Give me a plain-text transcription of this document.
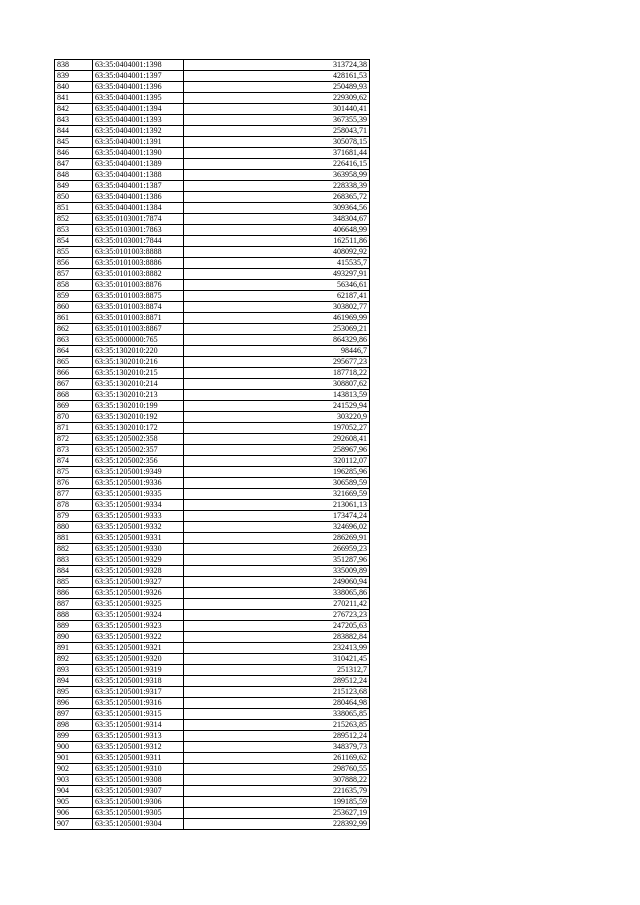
838	63:35:0404001:1398	313724,38
839	63:35:0404001:1397	428161,53
840	63:35:0404001:1396	250489,93
841	63:35:0404001:1395	229309,62
842	63:35:0404001:1394	301440,41
843	63:35:0404001:1393	367355,39
844	63:35:0404001:1392	258043,71
845	63:35:0404001:1391	305078,15
846	63:35:0404001:1390	371681,44
847	63:35:0404001:1389	226416,15
848	63:35:0404001:1388	363958,99
849	63:35:0404001:1387	228338,39
850	63:35:0404001:1386	268365,72
851	63:35:0404001:1384	309364,56
852	63:35:0103001:7874	348304,67
853	63:35:0103001:7863	406648,99
854	63:35:0103001:7844	162511,86
855	63:35:0101003:8888	408092,92
856	63:35:0101003:8886	415535,7
857	63:35:0101003:8882	493297,91
858	63:35:0101003:8876	56346,61
859	63:35:0101003:8875	62187,41
860	63:35:0101003:8874	303802,77
861	63:35:0101003:8871	461969,99
862	63:35:0101003:8867	253069,21
863	63:35:0000000:765	864329,86
864	63:35:1302010:220	98446,7
865	63:35:1302010:216	295677,23
866	63:35:1302010:215	187718,22
867	63:35:1302010:214	308807,62
868	63:35:1302010:213	143813,59
869	63:35:1302010:199	241529,94
870	63:35:1302010:192	303220,9
871	63:35:1302010:172	197052,27
872	63:35:1205002:358	292608,41
873	63:35:1205002:357	258967,96
874	63:35:1205002:356	320112,07
875	63:35:1205001:9349	196285,96
876	63:35:1205001:9336	306589,59
877	63:35:1205001:9335	321669,59
878	63:35:1205001:9334	213061,13
879	63:35:1205001:9333	173474,24
880	63:35:1205001:9332	324696,02
881	63:35:1205001:9331	286269,91
882	63:35:1205001:9330	266959,23
883	63:35:1205001:9329	351287,96
884	63:35:1205001:9328	335009,89
885	63:35:1205001:9327	249060,94
886	63:35:1205001:9326	338065,86
887	63:35:1205001:9325	270211,42
888	63:35:1205001:9324	276723,23
889	63:35:1205001:9323	247205,63
890	63:35:1205001:9322	283882,84
891	63:35:1205001:9321	232413,99
892	63:35:1205001:9320	310421,45
893	63:35:1205001:9319	251312,7
894	63:35:1205001:9318	289512,24
895	63:35:1205001:9317	215123,68
896	63:35:1205001:9316	280464,98
897	63:35:1205001:9315	338065,85
898	63:35:1205001:9314	215263,85
899	63:35:1205001:9313	289512,24
900	63:35:1205001:9312	348379,73
901	63:35:1205001:9311	261169,62
902	63:35:1205001:9310	298760,55
903	63:35:1205001:9308	307888,22
904	63:35:1205001:9307	221635,79
905	63:35:1205001:9306	199185,59
906	63:35:1205001:9305	253627,19
907	63:35:1205001:9304	228392,99
